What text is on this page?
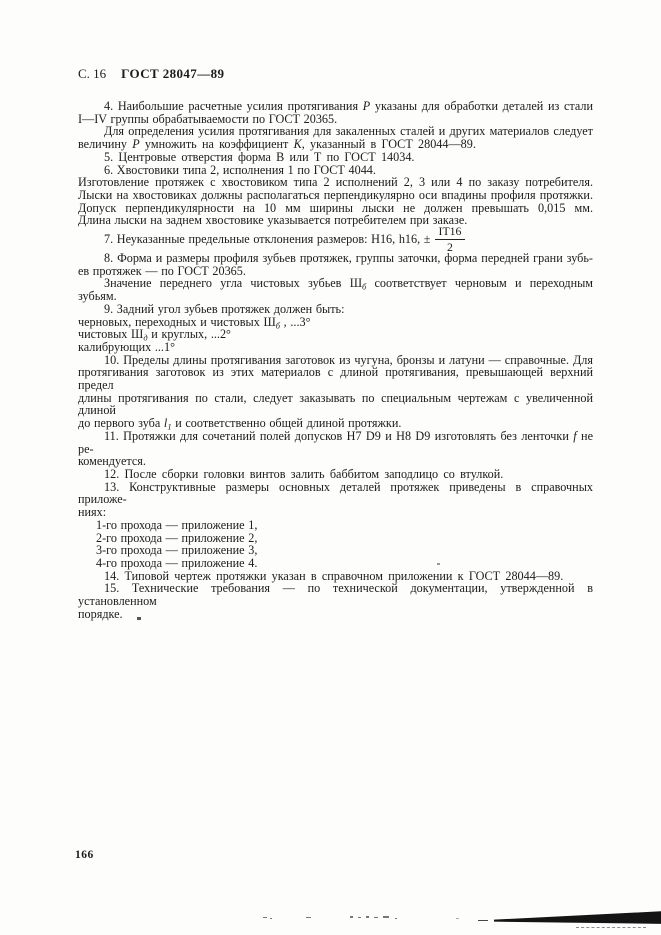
С. 16 ГОСТ 28047—89
4. Наибольшие расчетные усилия протягивания Р указаны для обработки деталей из стали
I—IV группы обрабатываемости по ГОСТ 20365.
Для определения усилия протягивания для закаленных сталей и других материалов следует
величину Р умножить на коэффициент К, указанный в ГОСТ 28044—89.
5. Центровые отверстия форма В или Т по ГОСТ 14034.
6. Хвостовики типа 2, исполнения 1 по ГОСТ 4044.
Изготовление протяжек с хвостовиком типа 2 исполнений 2, 3 или 4 по заказу потребителя.
Лыски на хвостовиках должны располагаться перпендикулярно оси впадины профиля протяжки.
Допуск перпендикулярности на 10 мм ширины лыски не должен превышать 0,015 мм.
Длина лыски на заднем хвостовике указывается потребителем при заказе.
7. Неуказанные предельные отклонения размеров: Н16, h16, ± $\frac{IT16}{2}$
8. Форма и размеры профиля зубьев протяжек, группы заточки, форма передней грани зубь-
ев протяжек — по ГОСТ 20365.
Значение переднего угла чистовых зубьев $Ш_б$ соответствует черновым и переходным зубьям.
9. Задний угол зубьев протяжек должен быть:
черновых, переходных и чистовых $Ш_б$ , ...3°
чистовых $Ш_д$ и круглых, ...2°
калибрующих ...1°
10. Пределы длины протягивания заготовок из чугуна, бронзы и латуни — справочные. Для
протягивания заготовок из этих материалов с длиной протягивания, превышающей верхний предел
длины протягивания по стали, следует заказывать по специальным чертежам с увеличенной длиной
до первого зуба $l_1$ и соответственно общей длиной протяжки.
11. Протяжки для сочетаний полей допусков Н7 D9 и Н8 D9 изготовлять без ленточки f не ре-
комендуется.
12. После сборки головки винтов залить баббитом заподлицо со втулкой.
13. Конструктивные размеры основных деталей протяжек приведены в справочных приложе-
ниях:
1-го прохода — приложение 1,
2-го прохода — приложение 2,
3-го прохода — приложение 3,
4-го прохода — приложение 4.
14. Типовой чертеж протяжки указан в справочном приложении к ГОСТ 28044—89.
15. Технические требования — по технической документации, утвержденной в установленном
порядке.
166
